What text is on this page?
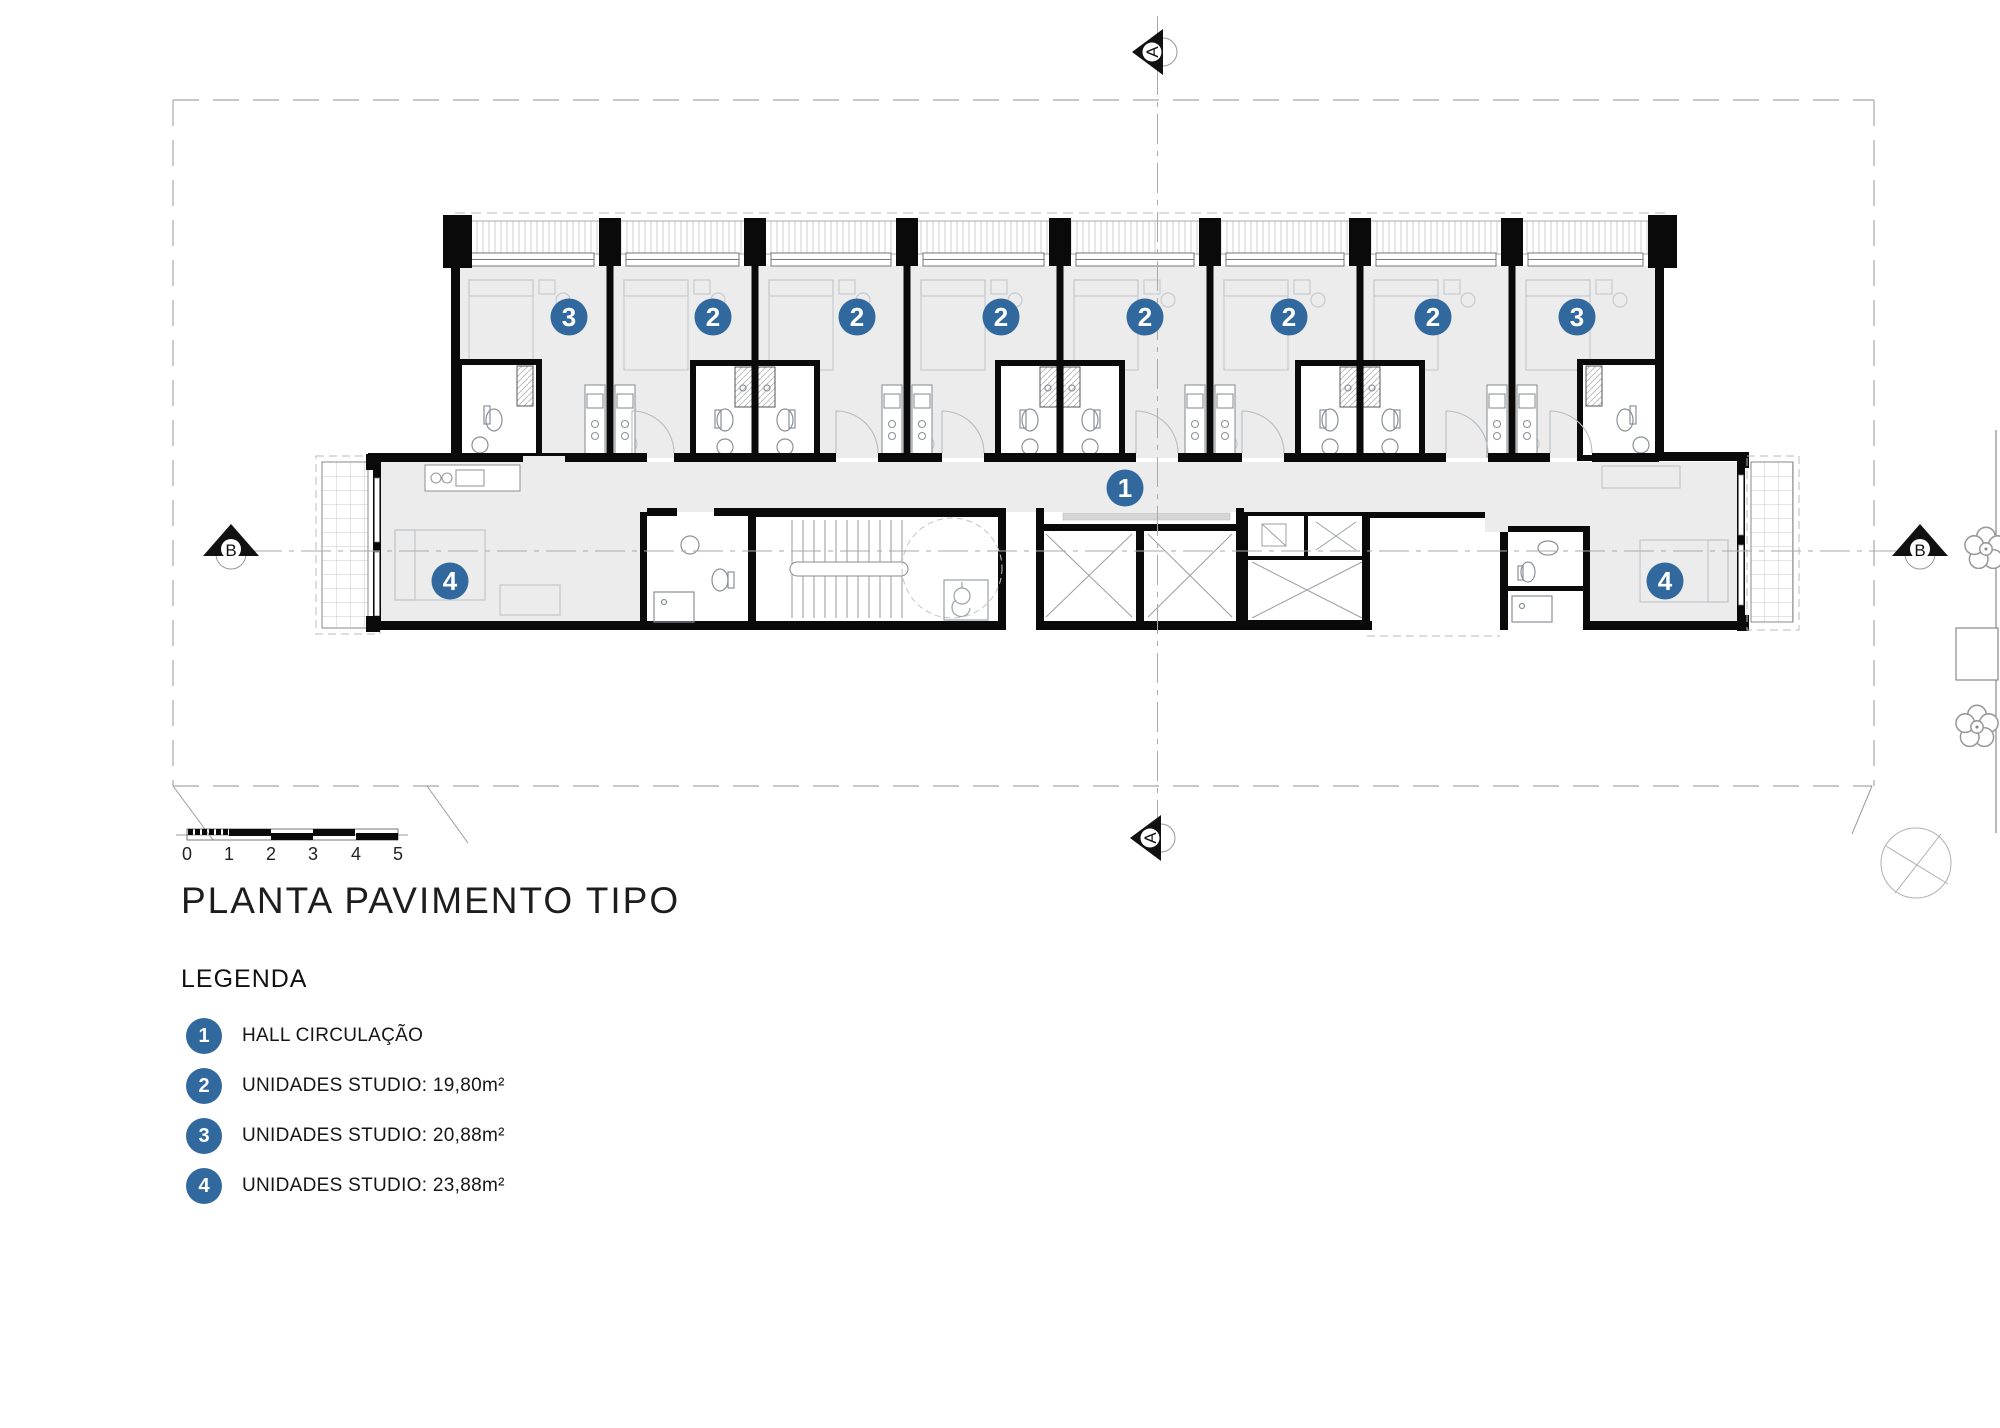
3	2	2	2	2	2	2	3
1
4	4
A
A
B	B
0 1 2 3 4 5
PLANTA PAVIMENTO TIPO
LEGENDA
1	HALL CIRCULAÇÃO
2	UNIDADES STUDIO: 19,80m²
3	UNIDADES STUDIO: 20,88m²
4	UNIDADES STUDIO: 23,88m²
